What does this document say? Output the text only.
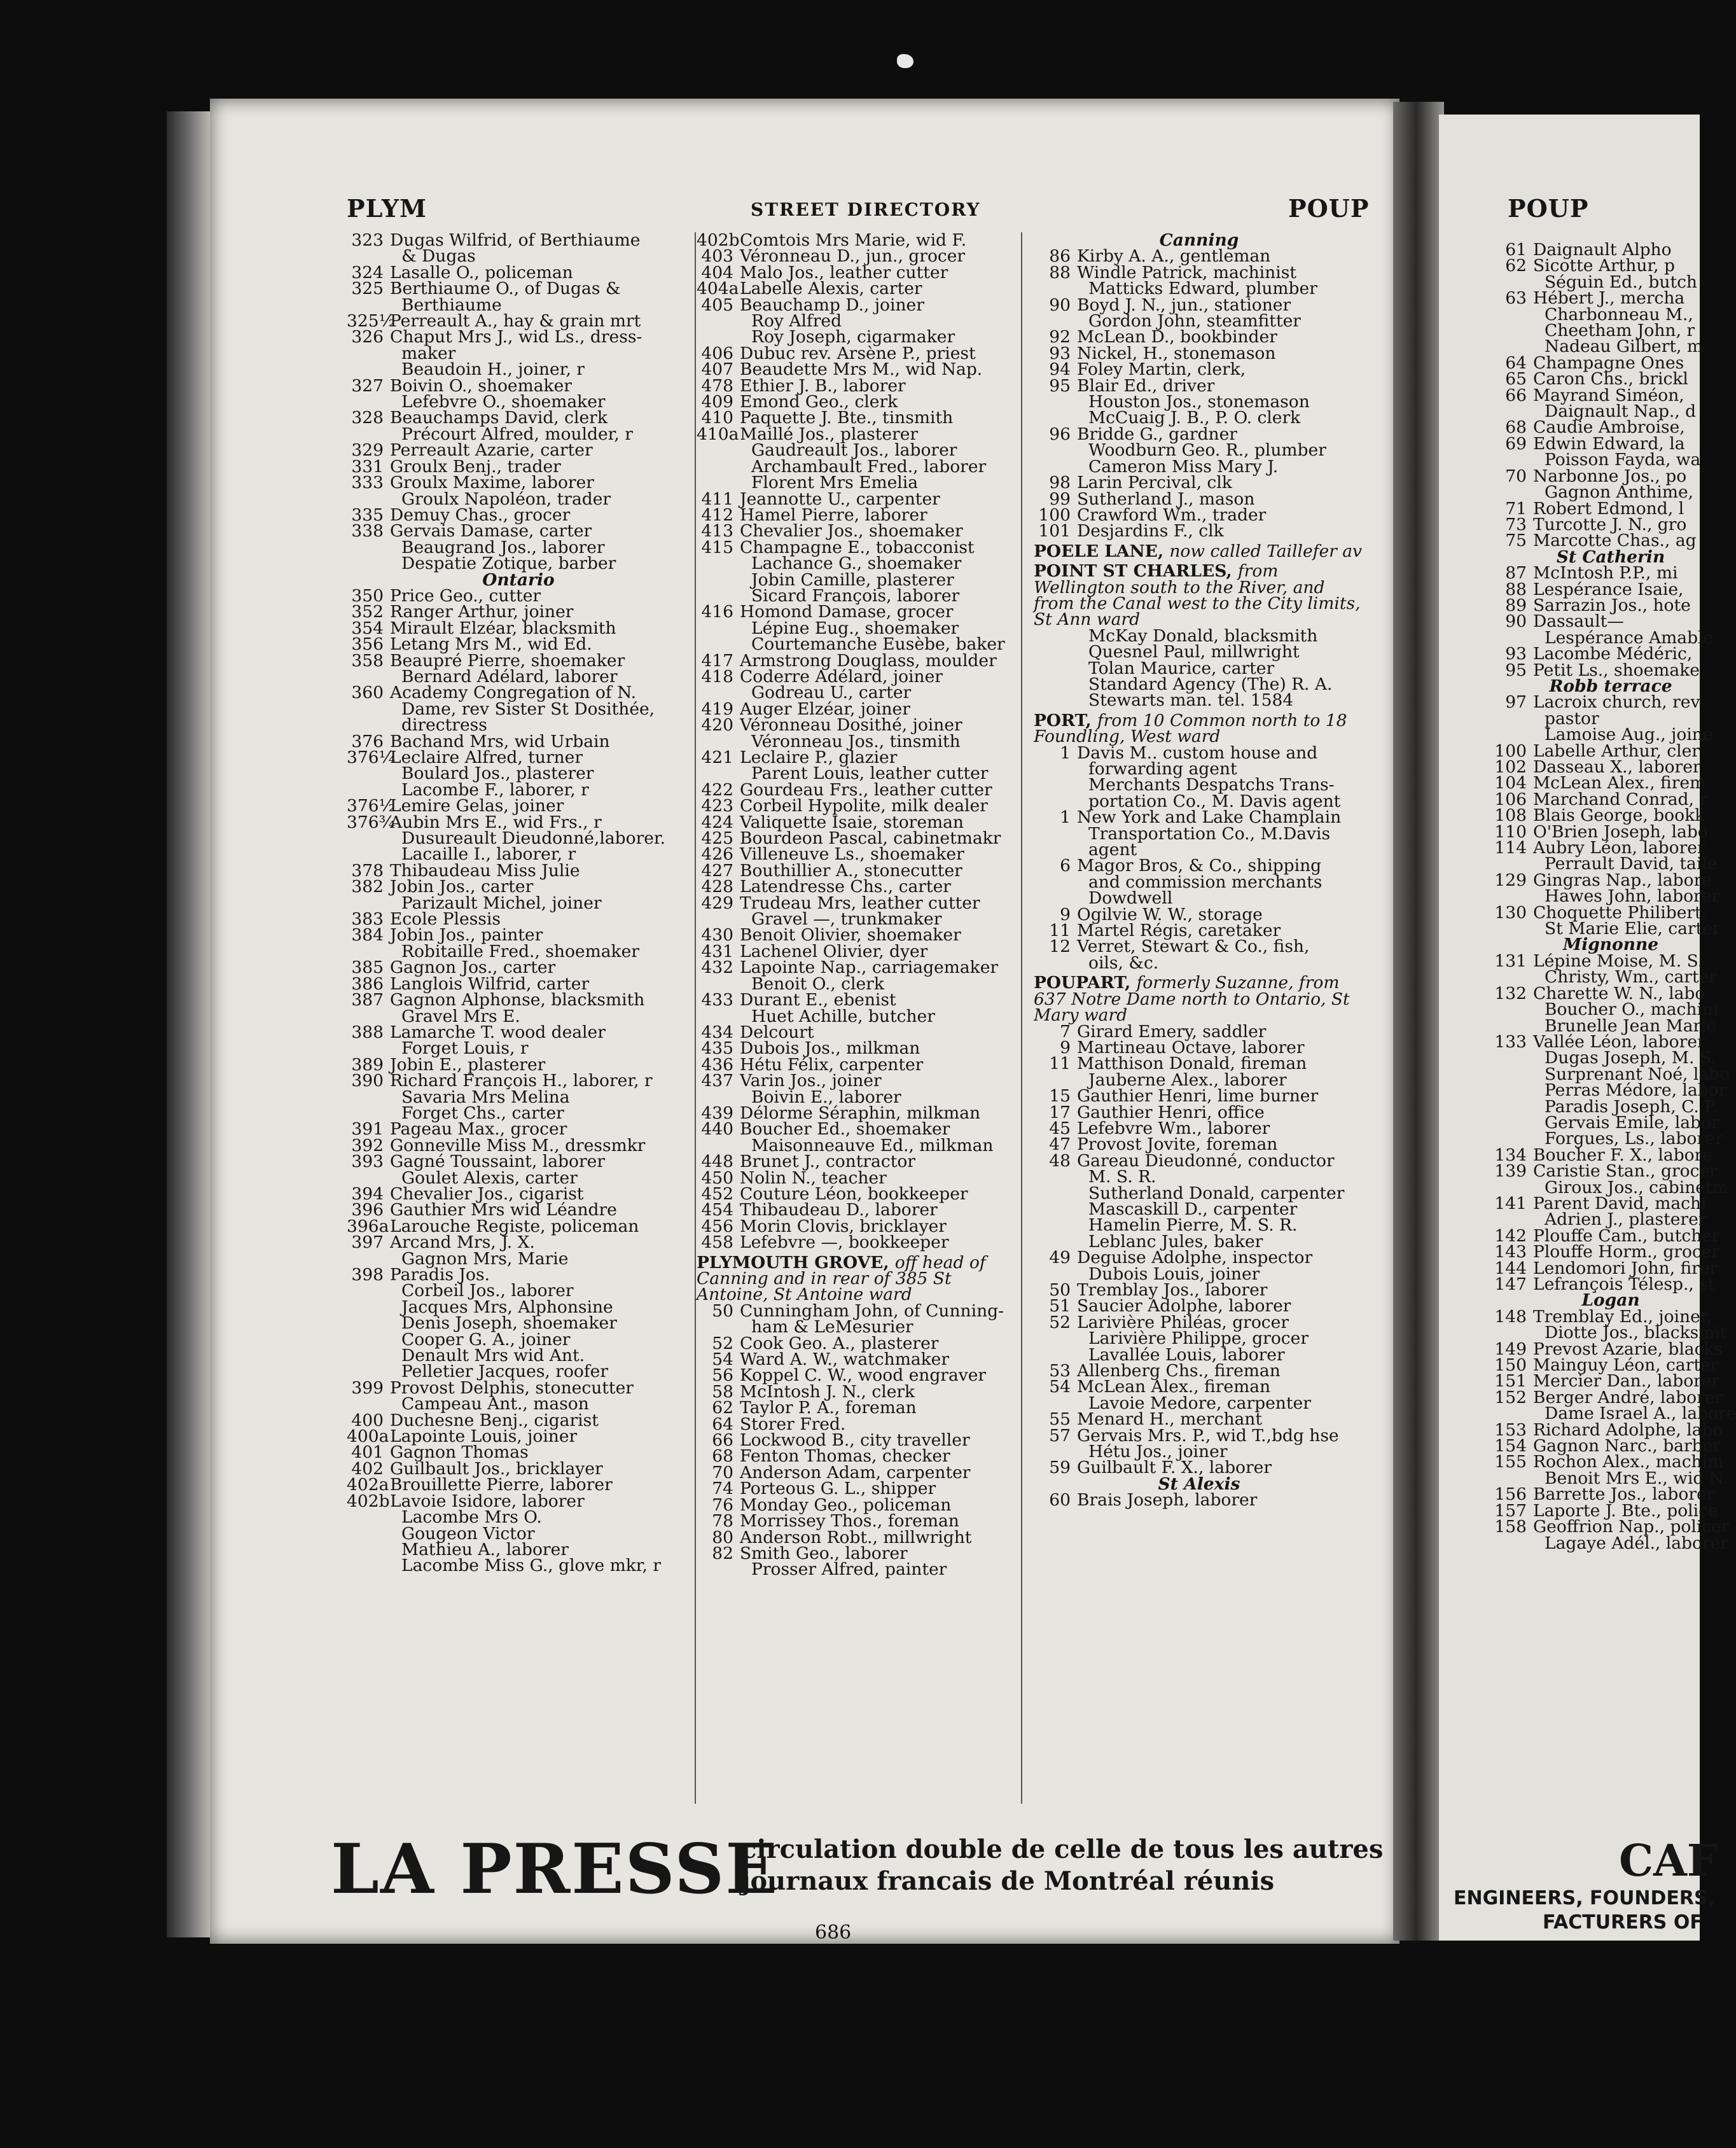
PLYM	STREET DIRECTORY	POUP
323 Dugas Wilfrid, of Berthiaume
& Dugas
324 Lasalle O., policeman
325 Berthiaume O., of Dugas &
Berthiaume
325½Perreault A., hay & grain mrt
326 Chaput Mrs J., wid Ls., dress-
maker
Beaudoin H., joiner, r
327 Boivin O., shoemaker
Lefebvre O., shoemaker
328 Beauchamps David, clerk
Précourt Alfred, moulder, r
329 Perreault Azarie, carter
331 Groulx Benj., trader
333 Groulx Maxime, laborer
Groulx Napoléon, trader
335 Demuy Chas., grocer
338 Gervais Damase, carter
Beaugrand Jos., laborer
Despatie Zotique, barber
Ontario
350 Price Geo., cutter
352 Ranger Arthur, joiner
354 Mirault Elzéar, blacksmith
356 Letang Mrs M., wid Ed.
358 Beaupré Pierre, shoemaker
Bernard Adélard, laborer
360 Academy Congregation of N.
Dame, rev Sister St Dosithée,
directress
376 Bachand Mrs, wid Urbain
376¼Leclaire Alfred, turner
Boulard Jos., plasterer
Lacombe F., laborer, r
376½Lemire Gelas, joiner
376¾Aubin Mrs E., wid Frs., r
Dusureault Dieudonné,laborer.
Lacaille I., laborer, r
378 Thibaudeau Miss Julie
382 Jobin Jos., carter
Parizault Michel, joiner
383 Ecole Plessis
384 Jobin Jos., painter
Robitaille Fred., shoemaker
385 Gagnon Jos., carter
386 Langlois Wilfrid, carter
387 Gagnon Alphonse, blacksmith
Gravel Mrs E.
388 Lamarche T. wood dealer
Forget Louis, r
389 Jobin E., plasterer
390 Richard François H., laborer, r
Savaria Mrs Melina
Forget Chs., carter
391 Pageau Max., grocer
392 Gonneville Miss M., dressmkr
393 Gagné Toussaint, laborer
Goulet Alexis, carter
394 Chevalier Jos., cigarist
396 Gauthier Mrs wid Léandre
396aLarouche Registe, policeman
397 Arcand Mrs, J. X.
Gagnon Mrs, Marie
398 Paradis Jos.
Corbeil Jos., laborer
Jacques Mrs, Alphonsine
Denis Joseph, shoemaker
Cooper G. A., joiner
Denault Mrs wid Ant.
Pelletier Jacques, roofer
399 Provost Delphis, stonecutter
Campeau Ant., mason
400 Duchesne Benj., cigarist
400aLapointe Louis, joiner
401 Gagnon Thomas
402 Guilbault Jos., bricklayer
402aBrouillette Pierre, laborer
402bLavoie Isidore, laborer
Lacombe Mrs O.
Gougeon Victor
Mathieu A., laborer
Lacombe Miss G., glove mkr, r
402bComtois Mrs Marie, wid F.
403 Véronneau D., jun., grocer
404 Malo Jos., leather cutter
404aLabelle Alexis, carter
405 Beauchamp D., joiner
Roy Alfred
Roy Joseph, cigarmaker
406 Dubuc rev. Arsène P., priest
407 Beaudette Mrs M., wid Nap.
478 Ethier J. B., laborer
409 Emond Geo., clerk
410 Paquette J. Bte., tinsmith
410aMaillé Jos., plasterer
Gaudreault Jos., laborer
Archambault Fred., laborer
Florent Mrs Emelia
411 Jeannotte U., carpenter
412 Hamel Pierre, laborer
413 Chevalier Jos., shoemaker
415 Champagne E., tobacconist
Lachance G., shoemaker
Jobin Camille, plasterer
Sicard François, laborer
416 Homond Damase, grocer
Lépine Eug., shoemaker
Courtemanche Eusèbe, baker
417 Armstrong Douglass, moulder
418 Coderre Adélard, joiner
Godreau U., carter
419 Auger Elzéar, joiner
420 Véronneau Dosithé, joiner
Véronneau Jos., tinsmith
421 Leclaire P., glazier
Parent Louis, leather cutter
422 Gourdeau Frs., leather cutter
423 Corbeil Hypolite, milk dealer
424 Valiquette Isaie, storeman
425 Bourdeon Pascal, cabinetmakr
426 Villeneuve Ls., shoemaker
427 Bouthillier A., stonecutter
428 Latendresse Chs., carter
429 Trudeau Mrs, leather cutter
Gravel —, trunkmaker
430 Benoit Olivier, shoemaker
431 Lachenel Olivier, dyer
432 Lapointe Nap., carriagemaker
Benoit O., clerk
433 Durant E., ebenist
Huet Achille, butcher
434 Delcourt
435 Dubois Jos., milkman
436 Hétu Félix, carpenter
437 Varin Jos., joiner
Boivin E., laborer
439 Délorme Séraphin, milkman
440 Boucher Ed., shoemaker
Maisonneauve Ed., milkman
448 Brunet J., contractor
450 Nolin N., teacher
452 Couture Léon, bookkeeper
454 Thibaudeau D., laborer
456 Morin Clovis, bricklayer
458 Lefebvre —, bookkeeper
PLYMOUTH GROVE, off head of Canning and in rear of 385 St Antoine, St Antoine ward
50 Cunningham John, of Cunning-
ham & LeMesurier
52 Cook Geo. A., plasterer
54 Ward A. W., watchmaker
56 Koppel C. W., wood engraver
58 McIntosh J. N., clerk
62 Taylor P. A., foreman
64 Storer Fred.
66 Lockwood B., city traveller
68 Fenton Thomas, checker
70 Anderson Adam, carpenter
74 Porteous G. L., shipper
76 Monday Geo., policeman
78 Morrissey Thos., foreman
80 Anderson Robt., millwright
82 Smith Geo., laborer
Prosser Alfred, painter
Canning
86 Kirby A. A., gentleman
88 Windle Patrick, machinist
Matticks Edward, plumber
90 Boyd J. N., jun., stationer
Gordon John, steamfitter
92 McLean D., bookbinder
93 Nickel, H., stonemason
94 Foley Martin, clerk,
95 Blair Ed., driver
Houston Jos., stonemason
McCuaig J. B., P. O. clerk
96 Bridde G., gardner
Woodburn Geo. R., plumber
Cameron Miss Mary J.
98 Larin Percival, clk
99 Sutherland J., mason
100 Crawford Wm., trader
101 Desjardins F., clk
POELE LANE, now called Taillefer av
POINT ST CHARLES, from Wellington south to the River, and from the Canal west to the City limits, St Ann ward
McKay Donald, blacksmith
Quesnel Paul, millwright
Tolan Maurice, carter
Standard Agency (The) R. A.
Stewarts man. tel. 1584
PORT, from 10 Common north to 18 Foundling, West ward
1 Davis M.. custom house and
forwarding agent
Merchants Despatchs Trans-
portation Co., M. Davis agent
1 New York and Lake Champlain
Transportation Co., M.Davis
agent
6 Magor Bros, & Co., shipping
and commission merchants
Dowdwell
9 Ogilvie W. W., storage
11 Martel Régis, caretaker
12 Verret, Stewart & Co., fish,
oils, &c.
POUPART, formerly Suzanne, from 637 Notre Dame north to Ontario, St Mary ward
7 Girard Emery, saddler
9 Martineau Octave, laborer
11 Matthison Donald, fireman
Jauberne Alex., laborer
15 Gauthier Henri, lime burner
17 Gauthier Henri, office
45 Lefebvre Wm., laborer
47 Provost Jovite, foreman
48 Gareau Dieudonné, conductor
M. S. R.
Sutherland Donald, carpenter
Mascaskill D., carpenter
Hamelin Pierre, M. S. R.
Leblanc Jules, baker
49 Deguise Adolphe, inspector
Dubois Louis, joiner
50 Tremblay Jos., laborer
51 Saucier Adolphe, laborer
52 Larivière Philéas, grocer
Larivière Philippe, grocer
Lavallée Louis, laborer
53 Allenberg Chs., fireman
54 McLean Alex., fireman
Lavoie Medore, carpenter
55 Menard H., merchant
57 Gervais Mrs. P., wid T.,bdg hse
Hétu Jos., joiner
59 Guilbault F. X., laborer
St Alexis
60 Brais Joseph, laborer
LA PRESSE
circulation double de celle de tous les autres
journaux francais de Montréal réunis
686
POUP
61 Daignault Alpho
62 Sicotte Arthur, p
Séguin Ed., butch
63 Hébert J., mercha
Charbonneau M.,
Cheetham John, r
Nadeau Gilbert, m
64 Champagne Ones
65 Caron Chs., brickl
66 Mayrand Siméon,
Daignault Nap., d
68 Caudie Ambroise,
69 Edwin Edward, la
Poisson Fayda, wa
70 Narbonne Jos., po
Gagnon Anthime,
71 Robert Edmond, l
73 Turcotte J. N., gro
75 Marcotte Chas., ag
St Catherin
87 McIntosh P.P., mi
88 Lespérance Isaie,
89 Sarrazin Jos., hote
90 Dassault—
Lespérance Amable
93 Lacombe Médéric,
95 Petit Ls., shoemake
Robb terrace
97 Lacroix church, rev
pastor
Lamoise Aug., joine
100 Labelle Arthur, cler
102 Dasseau X., laborer
104 McLean Alex., firem
106 Marchand Conrad, r
108 Blais George, bookk
110 O'Brien Joseph, labo
114 Aubry Léon, laborer
Perrault David, taile
129 Gingras Nap., labore
Hawes John, laborer
130 Choquette Philibert,
St Marie Elie, carter
Mignonne
131 Lépine Moise, M. S.
Christy, Wm., carter
132 Charette W. N., labo
Boucher O., machini
Brunelle Jean Marie
133 Vallée Léon, laborer
Dugas Joseph, M. S.
Surprenant Noé, labo
Perras Médore, labor
Paradis Joseph, C. P.
Gervais Emile, labor
Forgues, Ls., laborer
134 Boucher F. X., labore
139 Caristie Stan., grocer
Giroux Jos., cabinetm
141 Parent David, machi
Adrien J., plasterer
142 Plouffe Cam., butcher
143 Plouffe Horm., grocer
144 Lendomori John, firer
147 Lefrançois Télesp., st
Logan
148 Tremblay Ed., joiner,
Diotte Jos., blacksmit
149 Prevost Azarie, blacks
150 Mainguy Léon, carter
151 Mercier Dan., laborer
152 Berger André, laborer
Dame Israel A., labore
153 Richard Adolphe, labo
154 Gagnon Narc., barber
155 Rochon Alex., machini
Benoit Mrs E., wid N.
156 Barrette Jos., laborer
157 Laporte J. Bte., police
158 Geoffrion Nap., policer
Lagaye Adél., laborer
CAF
ENGINEERS, FOUNDERS,
FACTURERS OF
